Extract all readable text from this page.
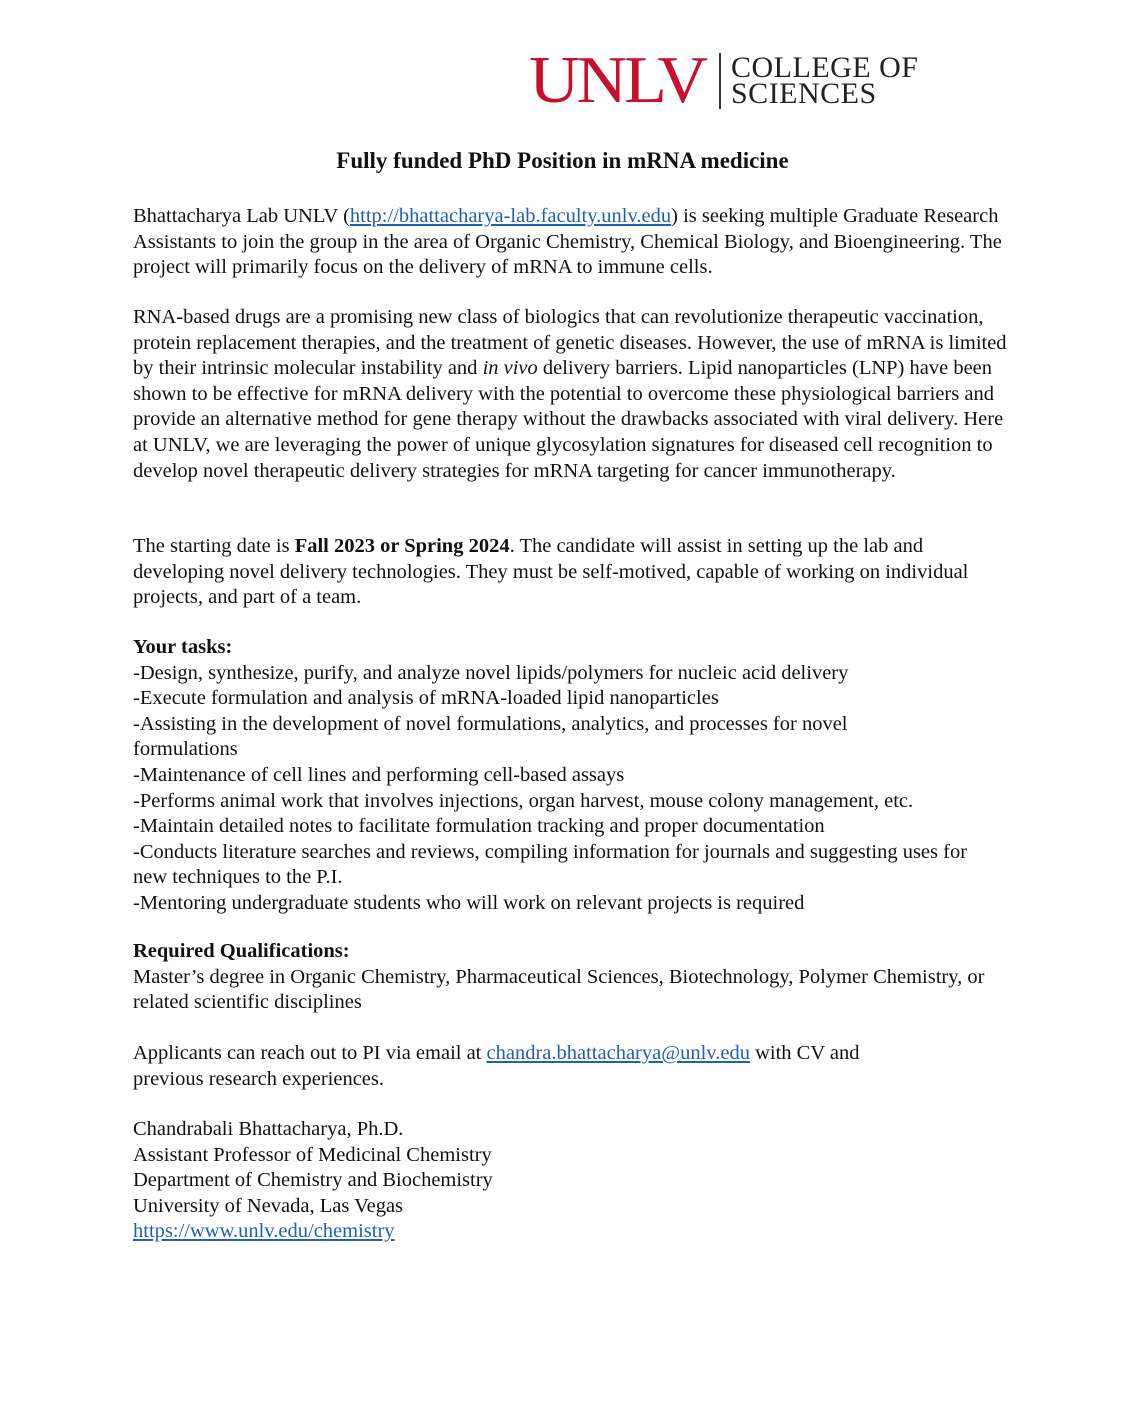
UNLV COLLEGE OF
SCIENCES
Fully funded PhD Position in mRNA medicine

Bhattacharya Lab UNLV (http://bhattacharya-lab.faculty.unlv.edu) is seeking multiple Graduate Research Assistants to join the group in the area of Organic Chemistry, Chemical Biology, and Bioengineering. The project will primarily focus on the delivery of mRNA to immune cells.

RNA-based drugs are a promising new class of biologics that can revolutionize therapeutic vaccination, protein replacement therapies, and the treatment of genetic diseases. However, the use of mRNA is limited by their intrinsic molecular instability and in vivo delivery barriers. Lipid nanoparticles (LNP) have been shown to be effective for mRNA delivery with the potential to overcome these physiological barriers and provide an alternative method for gene therapy without the drawbacks associated with viral delivery. Here at UNLV, we are leveraging the power of unique glycosylation signatures for diseased cell recognition to develop novel therapeutic delivery strategies for mRNA targeting for cancer immunotherapy.

The starting date is Fall 2023 or Spring 2024. The candidate will assist in setting up the lab and developing novel delivery technologies. They must be self-motived, capable of working on individual projects, and part of a team.

Your tasks:

-Design, synthesize, purify, and analyze novel lipids/polymers for nucleic acid delivery

-Execute formulation and analysis of mRNA-loaded lipid nanoparticles

-Assisting in the development of novel formulations, analytics, and processes for novel formulations

-Maintenance of cell lines and performing cell-based assays

-Performs animal work that involves injections, organ harvest, mouse colony management, etc.

-Maintain detailed notes to facilitate formulation tracking and proper documentation

-Conducts literature searches and reviews, compiling information for journals and suggesting uses for new techniques to the P.I.

-Mentoring undergraduate students who will work on relevant projects is required

Required Qualifications:

Master’s degree in Organic Chemistry, Pharmaceutical Sciences, Biotechnology, Polymer Chemistry, or related scientific disciplines

Applicants can reach out to PI via email at chandra.bhattacharya@unlv.edu with CV and previous research experiences.

Chandrabali Bhattacharya, Ph.D.

Assistant Professor of Medicinal Chemistry

Department of Chemistry and Biochemistry

University of Nevada, Las Vegas

https://www.unlv.edu/chemistry
